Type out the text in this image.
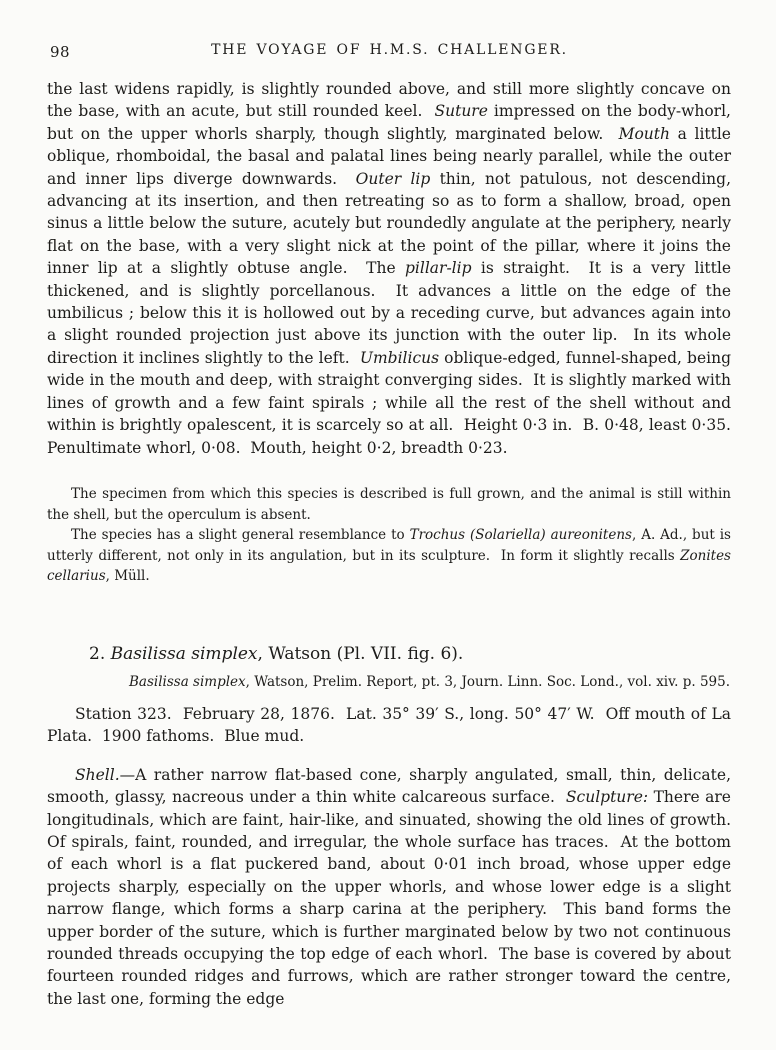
98	THE VOYAGE OF H.M.S. CHALLENGER.

the last widens rapidly, is slightly rounded above, and still more slightly concave on the base, with an acute, but still rounded keel.  Suture impressed on the body-whorl, but on the upper whorls sharply, though slightly, marginated below.  Mouth a little oblique, rhomboidal, the basal and palatal lines being nearly parallel, while the outer and inner lips diverge downwards.  Outer lip thin, not patulous, not descending, advancing at its insertion, and then retreating so as to form a shallow, broad, open sinus a little below the suture, acutely but roundedly angulate at the periphery, nearly flat on the base, with a very slight nick at the point of the pillar, where it joins the inner lip at a slightly obtuse angle.  The pillar-lip is straight.  It is a very little thickened, and is slightly porcellanous.  It advances a little on the edge of the umbilicus ; below this it is hollowed out by a receding curve, but advances again into a slight rounded projection just above its junction with the outer lip.  In its whole direction it inclines slightly to the left.  Umbilicus oblique-edged, funnel-shaped, being wide in the mouth and deep, with straight converging sides.  It is slightly marked with lines of growth and a few faint spirals ; while all the rest of the shell without and within is brightly opalescent, it is scarcely so at all.  Height 0·3 in.  B. 0·48, least 0·35.  Penultimate whorl, 0·08.  Mouth, height 0·2, breadth 0·23.

The specimen from which this species is described is full grown, and the animal is still within the shell, but the operculum is absent.

The species has a slight general resemblance to Trochus (Solariella) aureonitens, A. Ad., but is utterly different, not only in its angulation, but in its sculpture.  In form it slightly recalls Zonites cellarius, Müll.

2. Basilissa simplex, Watson (Pl. VII. fig. 6).

Basilissa simplex, Watson, Prelim. Report, pt. 3, Journ. Linn. Soc. Lond., vol. xiv. p. 595.

Station 323.  February 28, 1876.  Lat. 35° 39′ S., long. 50° 47′ W.  Off mouth of La Plata.  1900 fathoms.  Blue mud.

Shell.—A rather narrow flat-based cone, sharply angulated, small, thin, delicate, smooth, glassy, nacreous under a thin white calcareous surface.  Sculpture: There are longitudinals, which are faint, hair-like, and sinuated, showing the old lines of growth.  Of spirals, faint, rounded, and irregular, the whole surface has traces.  At the bottom of each whorl is a flat puckered band, about 0·01 inch broad, whose upper edge projects sharply, especially on the upper whorls, and whose lower edge is a slight narrow flange, which forms a sharp carina at the periphery.  This band forms the upper border of the suture, which is further marginated below by two not continuous rounded threads occupying the top edge of each whorl.  The base is covered by about fourteen rounded ridges and furrows, which are rather stronger toward the centre, the last one, forming the edge
